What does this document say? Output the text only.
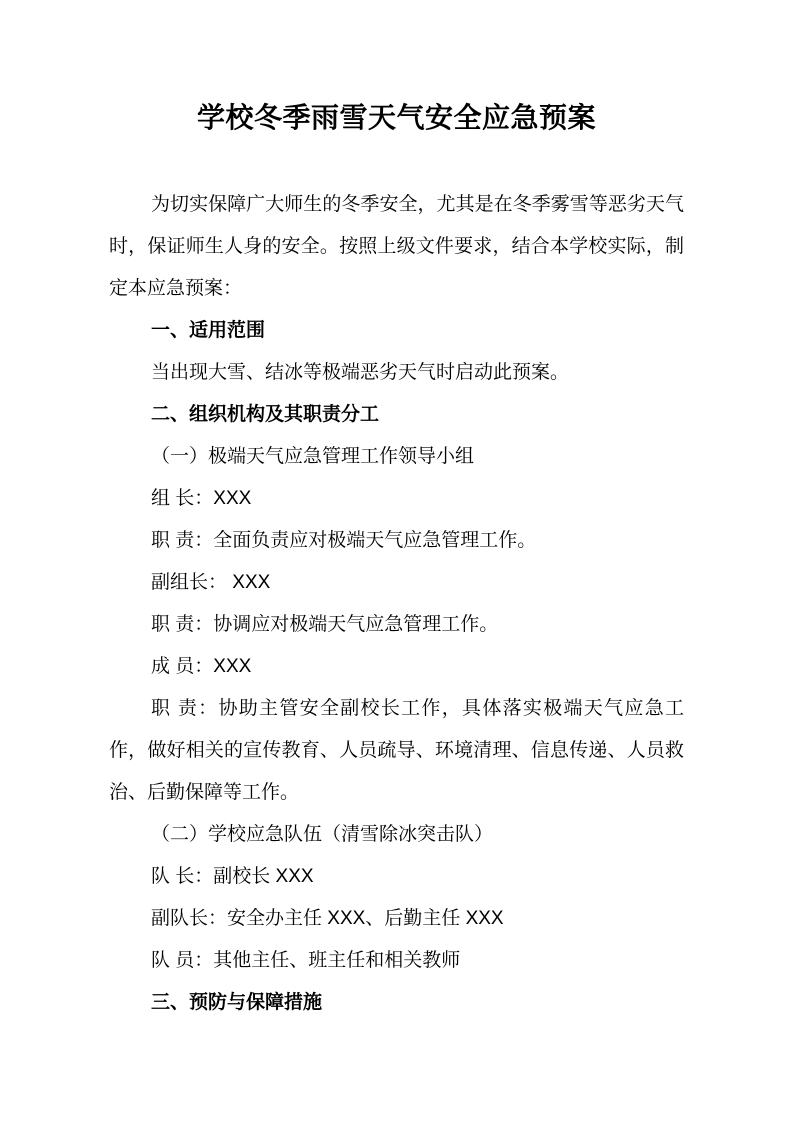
学校冬季雨雪天气安全应急预案

为切实保障广大师生的冬季安全，尤其是在冬季雾雪等恶劣天气时，保证师生人身的安全。按照上级文件要求，结合本学校实际，制定本应急预案：

一、适用范围

当出现大雪、结冰等极端恶劣天气时启动此预案。

二、组织机构及其职责分工

（一）极端天气应急管理工作领导小组

组 长：XXX

职 责：全面负责应对极端天气应急管理工作。

副组长： XXX

职 责：协调应对极端天气应急管理工作。

成 员：XXX

职 责：协助主管安全副校长工作，具体落实极端天气应急工作，做好相关的宣传教育、人员疏导、环境清理、信息传递、人员救治、后勤保障等工作。

（二）学校应急队伍（清雪除冰突击队）

队 长：副校长 XXX

副队长：安全办主任 XXX、后勤主任 XXX

队 员：其他主任、班主任和相关教师

三、预防与保障措施
